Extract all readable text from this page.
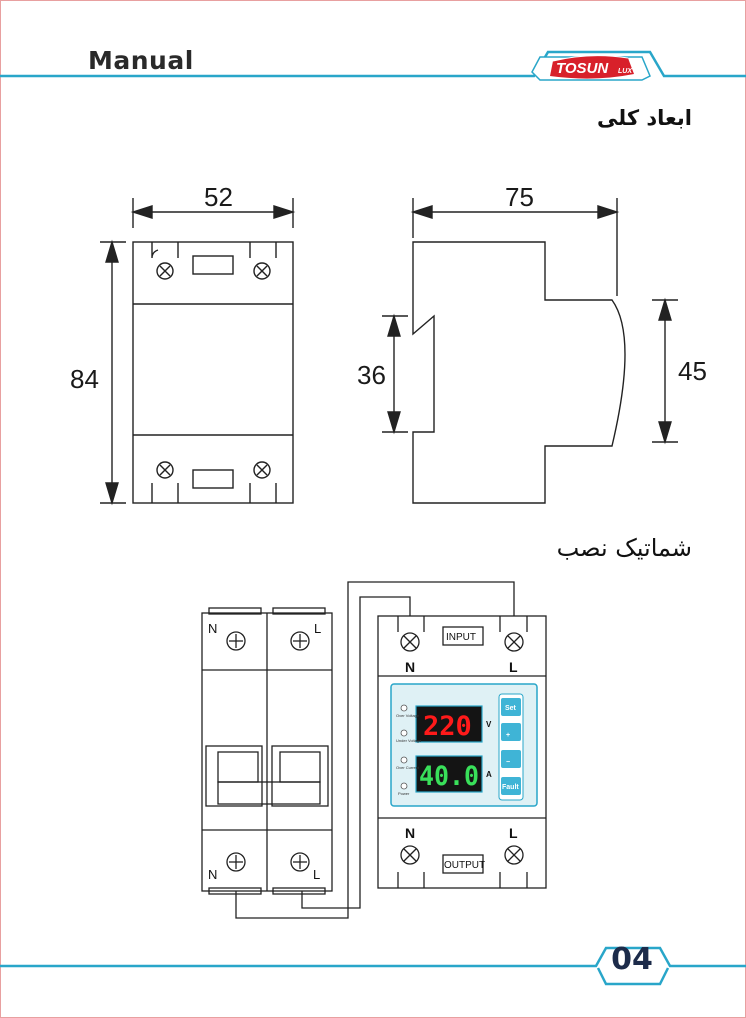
TOSUN LUX
52
84
75
36	45
N	L
N	L
INPUT
OUTPUT
N	L
N	L
Over Voltage
Under Voltage
Over Current
Power
220
40.0
V
A
Set
+
−
Fault
Manual
ابعاد کلی
شماتیک نصب
04
